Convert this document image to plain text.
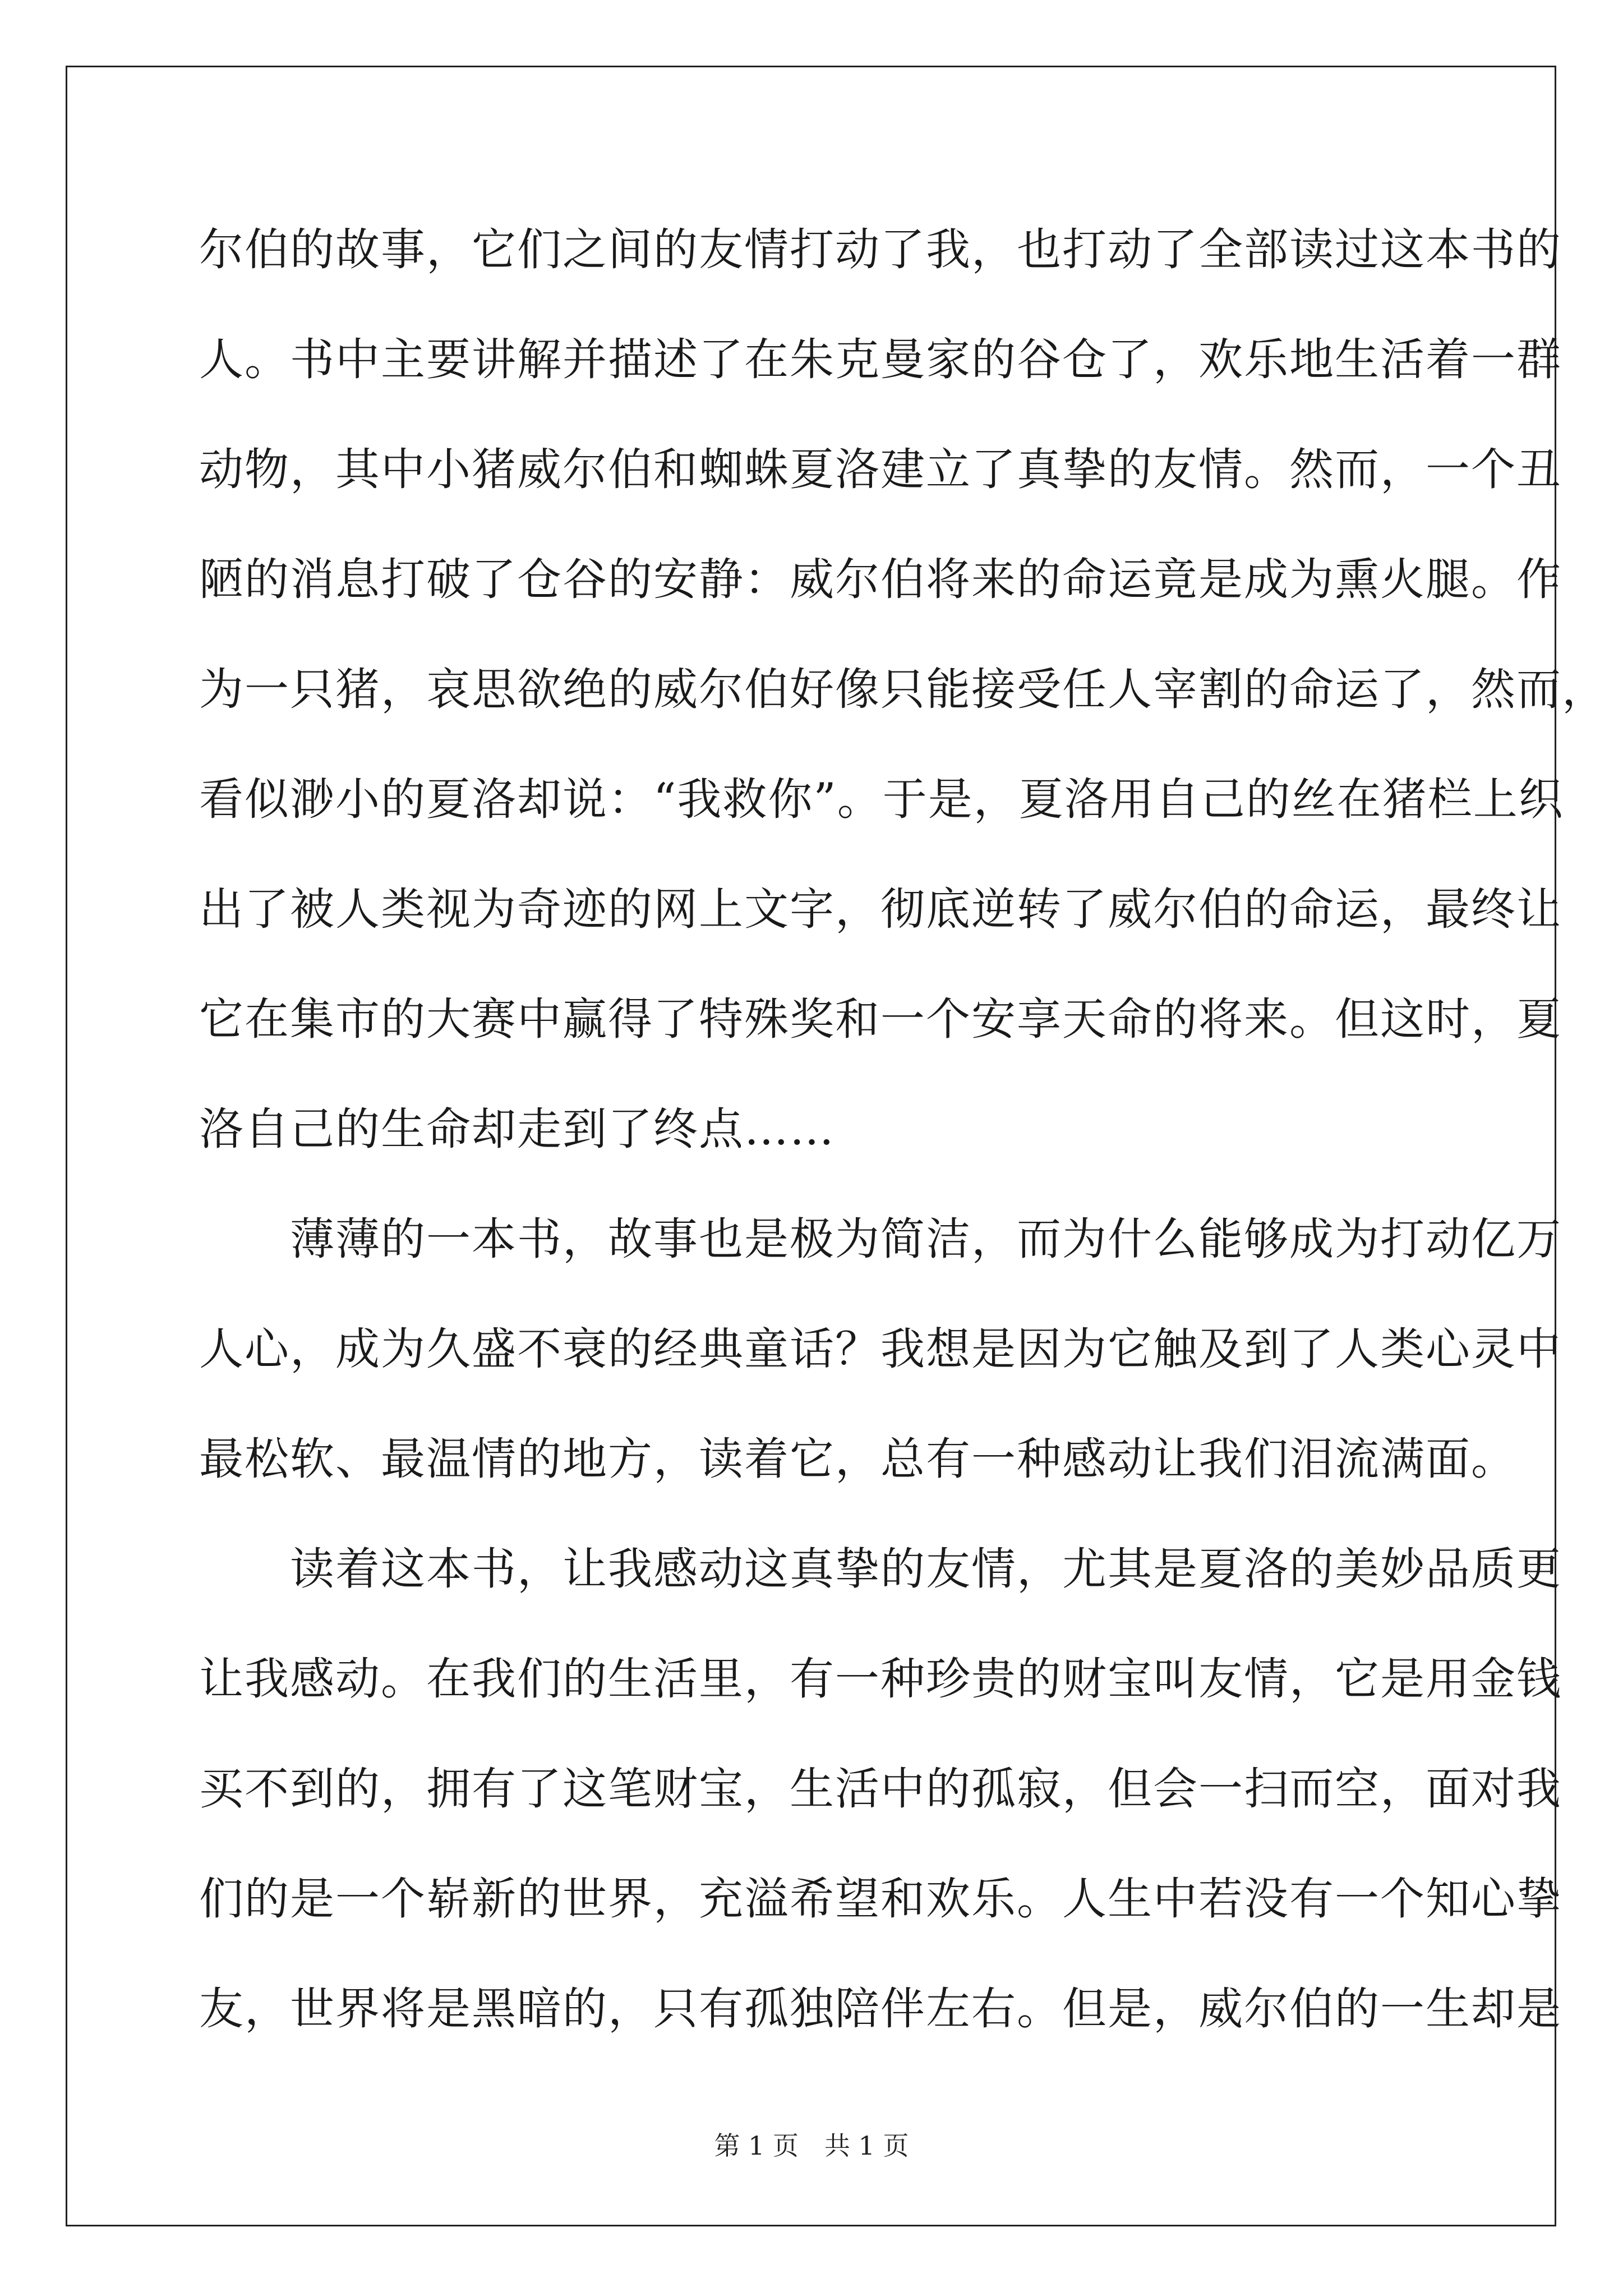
尔伯的故事，它们之间的友情打动了我，也打动了全部读过这本书的
人。书中主要讲解并描述了在朱克曼家的谷仓了，欢乐地生活着一群
动物，其中小猪威尔伯和蜘蛛夏洛建立了真挚的友情。然而，一个丑
陋的消息打破了仓谷的安静：威尔伯将来的命运竟是成为熏火腿。作
为一只猪，哀思欲绝的威尔伯好像只能接受任人宰割的命运了，然而，
看似渺小的夏洛却说：“我救你”。于是，夏洛用自己的丝在猪栏上织
出了被人类视为奇迹的网上文字，彻底逆转了威尔伯的命运，最终让
它在集市的大赛中赢得了特殊奖和一个安享天命的将来。但这时，夏
洛自己的生命却走到了终点……
　　薄薄的一本书，故事也是极为简洁，而为什么能够成为打动亿万
人心，成为久盛不衰的经典童话？我想是因为它触及到了人类心灵中
最松软、最温情的地方，读着它，总有一种感动让我们泪流满面。
　　读着这本书，让我感动这真挚的友情，尤其是夏洛的美妙品质更
让我感动。在我们的生活里，有一种珍贵的财宝叫友情，它是用金钱
买不到的，拥有了这笔财宝，生活中的孤寂，但会一扫而空，面对我
们的是一个崭新的世界，充溢希望和欢乐。人生中若没有一个知心挚
友，世界将是黑暗的，只有孤独陪伴左右。但是，威尔伯的一生却是
第 1 页 共 1 页
